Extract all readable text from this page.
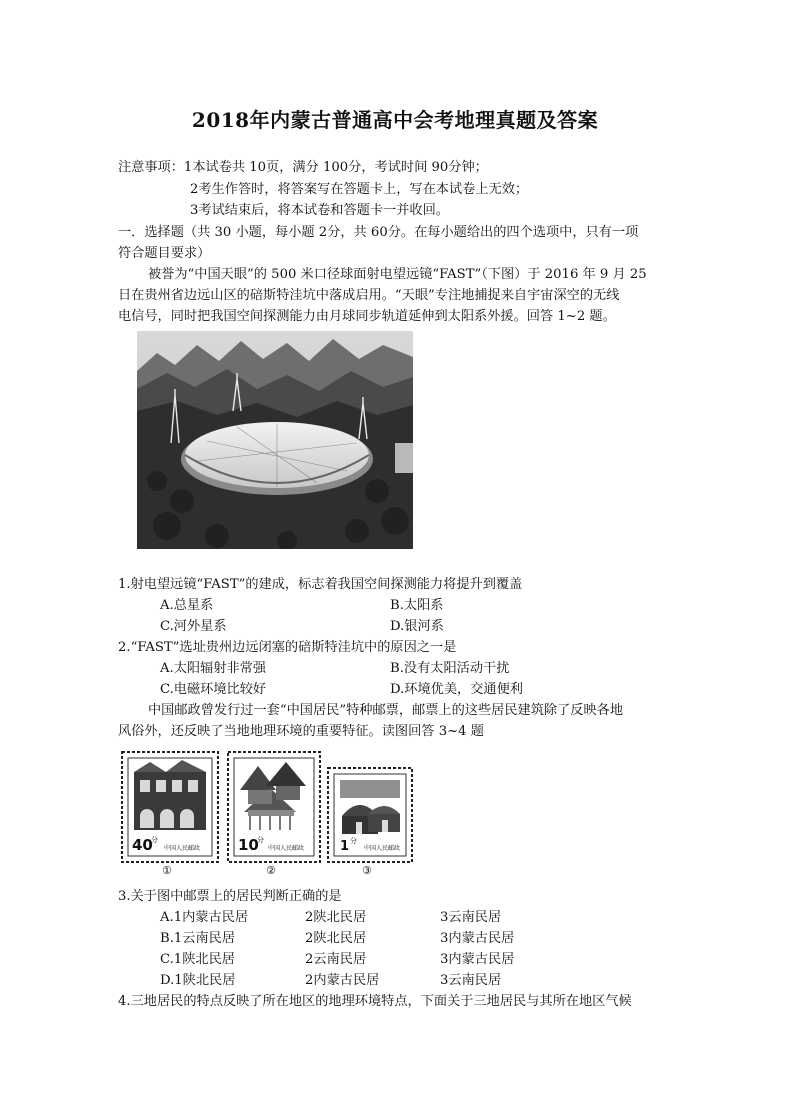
2018年内蒙古普通高中会考地理真题及答案
注意事项：1本试卷共 10页，满分 100分，考试时间 90分钟；
2考生作答时，将答案写在答题卡上，写在本试卷上无效；
3考试结束后，将本试卷和答题卡一并收回。
一．选择题（共 30 小题，每小题 2分，共 60分。在每小题给出的四个选项中，只有一项
符合题目要求）
被誉为“中国天眼”的 500 米口径球面射电望远镜“FAST”（下图）于 2016 年 9 月 25
日在贵州省边远山区的碚斯特洼坑中落成启用。“天眼”专注地捕捉来自宇宙深空的无线
电信号，同时把我国空间探测能力由月球同步轨道延伸到太阳系外援。回答 1~2 题。
1.射电望远镜“FAST”的建成，标志着我国空间探测能力将提升到覆盖
A.总星系	B.太阳系
C.河外星系	D.银河系
2.“FAST”选址贵州边远闭塞的碚斯特洼坑中的原因之一是
A.太阳辐射非常强	B.没有太阳活动干扰
C.电磁环境比较好	D.环境优美，交通便利
中国邮政曾发行过一套“中国居民”特种邮票，邮票上的这些居民建筑除了反映各地
风俗外，还反映了当地地理环境的重要特征。读图回答 3~4 题
40
分
中国人民邮政
①
10
分
中国人民邮政
②
1 分
中国人民邮政
③
3.关于图中邮票上的居民判断正确的是
A.1内蒙古民居	2陕北民居	3云南民居
B.1云南民居	2陕北民居	3内蒙古民居
C.1陕北民居	2云南民居	3内蒙古民居
D.1陕北民居	2内蒙古民居	3云南民居
4.三地居民的特点反映了所在地区的地理环境特点，下面关于三地居民与其所在地区气候
